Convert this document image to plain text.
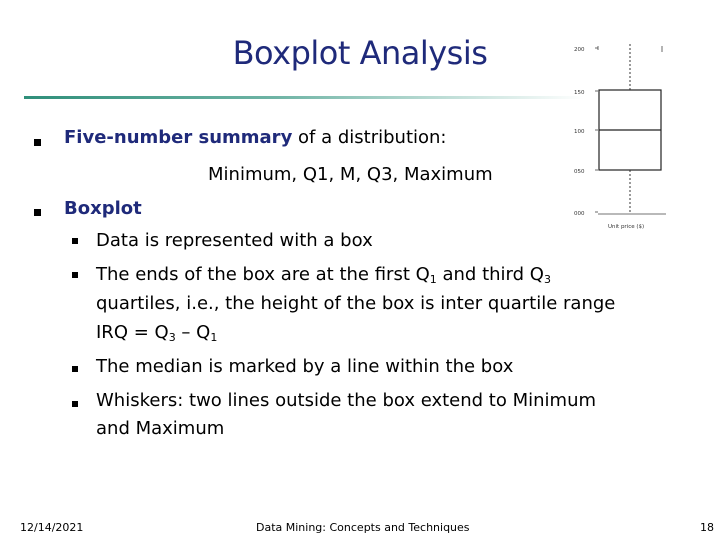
Boxplot Analysis
Five-number summary of a distribution:
Minimum, Q1, M, Q3, Maximum
Boxplot
Data is represented with a box
The ends of the box are at the first $Q_1$ and third $Q_3$
quartiles, i.e., the height of the box is inter quartile range
IRQ = $Q_3 - Q_1$
The median is marked by a line within the box
Whiskers: two lines outside the box extend to Minimum
and Maximum
200
150
100
050
000
Unit price ($)
12/14/2021	Data Mining: Concepts and Techniques	18
